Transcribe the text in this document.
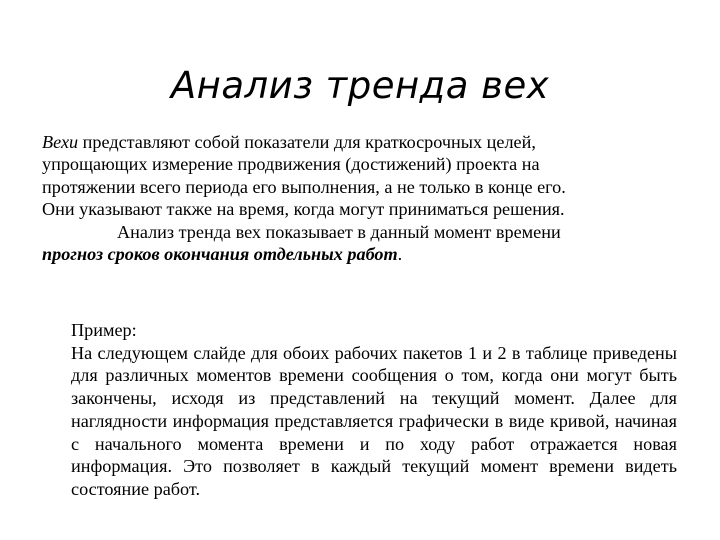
Анализ тренда вех
Вехи представляют собой показатели для краткосрочных целей,
упрощающих измерение продвижения (достижений) проекта на
протяжении всего периода его выполнения, а не только в конце его.
Они указывают также на время, когда могут приниматься решения.
Анализ тренда вех показывает в данный момент времени
прогноз сроков окончания отдельных работ.
Пример:
На следующем слайде для обоих рабочих пакетов 1 и 2 в таблице приведены для различных моментов времени сообщения о том, когда они могут быть закончены, исходя из представлений на текущий момент. Далее для наглядности информация представляется графически в виде кривой, начиная с начального момента времени и по ходу работ отражается новая информация. Это позволяет в каждый текущий момент времени видеть состояние работ.
